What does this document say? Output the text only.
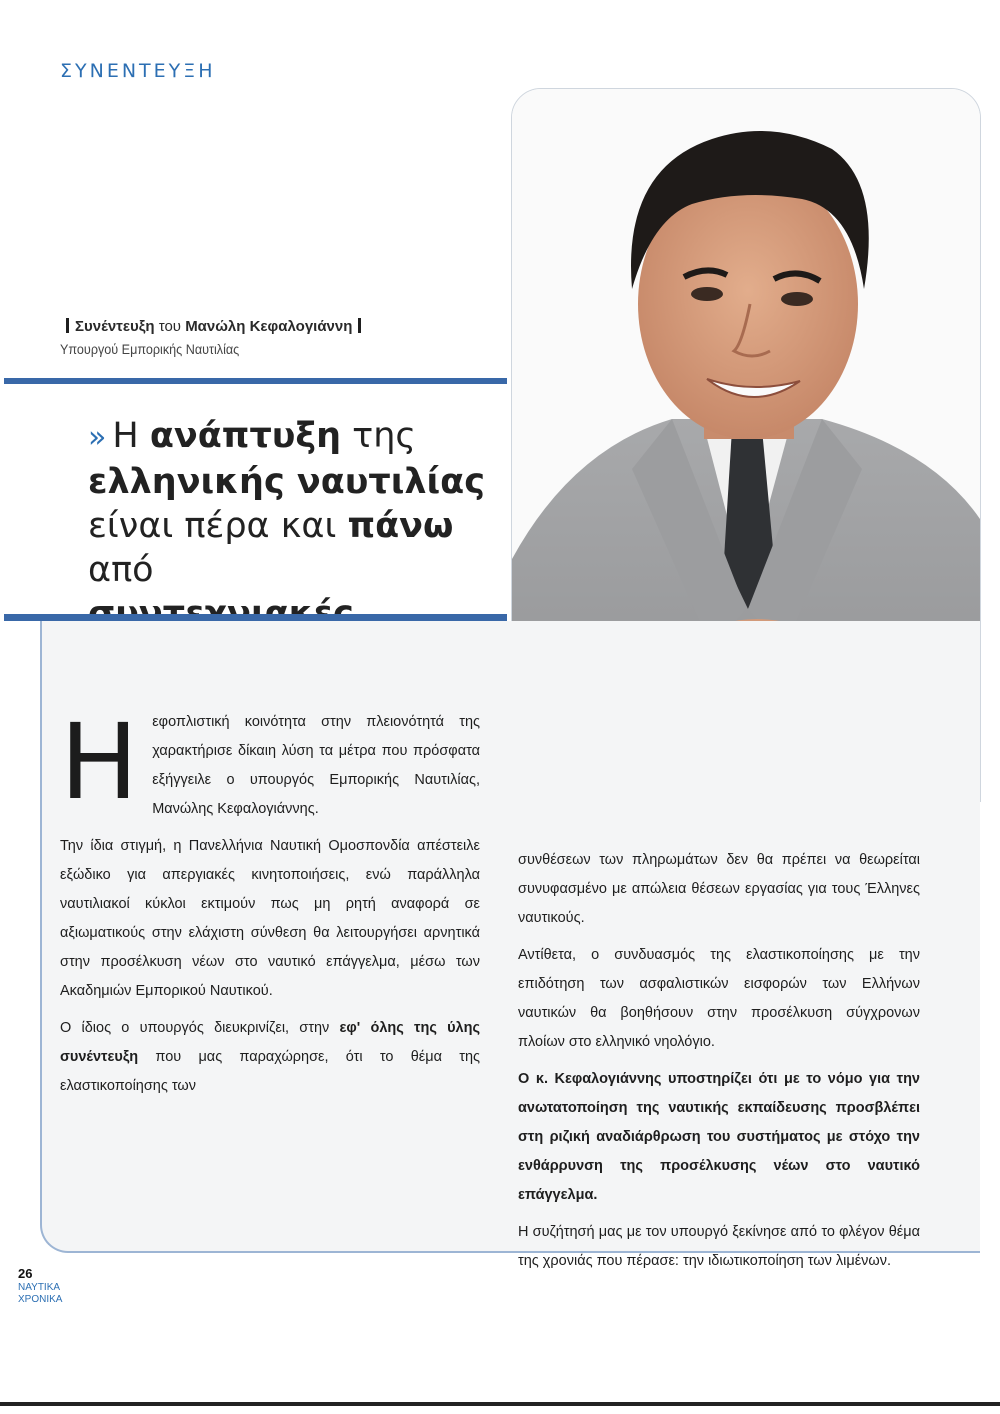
ΣΥΝΕΝΤΕΥΞΗ

Συνέντευξη του Μανώλη Κεφαλογιάννη

Υπουργού Εμπορικής Ναυτιλίας

» Η ανάπτυξη της
ελληνικής ναυτιλίας
είναι πέρα και πάνω από

Ηεφοπλιστική κοινότητα στην πλειονότητά της χαρακτήρισε δίκαιη λύση τα μέτρα που πρόσφατα εξήγγειλε ο υπουργός Εμπορικής Ναυτιλίας, Μανώλης Κεφαλογιάννης.

Την ίδια στιγμή, η Πανελλήνια Ναυτική Ομοσπονδία απέστειλε εξώδικο για απεργιακές κινητοποιήσεις, ενώ παράλληλα ναυτιλιακοί κύκλοι εκτιμούν πως μη ρητή αναφορά σε αξιωματικούς στην ελάχιστη σύνθεση θα λειτουργήσει αρνητικά στην προσέλκυση νέων στο ναυτικό επάγγελμα, μέσω των Ακαδημιών Εμπορικού Ναυτικού.

Ο ίδιος ο υπουργός διευκρινίζει, στην εφ' όλης της ύλης συνέντευξη που μας παραχώρησε, ότι το θέμα της ελαστικοποίησης των

συνθέσεων των πληρωμάτων δεν θα πρέπει να θεωρείται συνυφασμένο με απώλεια θέσεων εργασίας για τους Έλληνες ναυτικούς.

Αντίθετα, ο συνδυασμός της ελαστικοποίησης με την επιδότηση των ασφαλιστικών εισφορών των Ελλήνων ναυτικών θα βοηθήσουν στην προσέλκυση σύγχρονων πλοίων στο ελληνικό νηολόγιο.

Ο κ. Κεφαλογιάννης υποστηρίζει ότι με το νόμο για την ανωτατοποίηση της ναυτικής εκπαίδευσης προσβλέπει στη ριζική αναδιάρθρωση του συστήματος με στόχο την ενθάρρυνση της προσέλκυσης νέων στο ναυτικό επάγγελμα.

Η συζήτησή μας με τον υπουργό ξεκίνησε από το φλέγον θέμα της χρονιάς που πέρασε: την ιδιωτικοποίηση των λιμένων.

26

ΝΑΥΤΙΚΑ
ΧΡΟΝΙΚΑ
